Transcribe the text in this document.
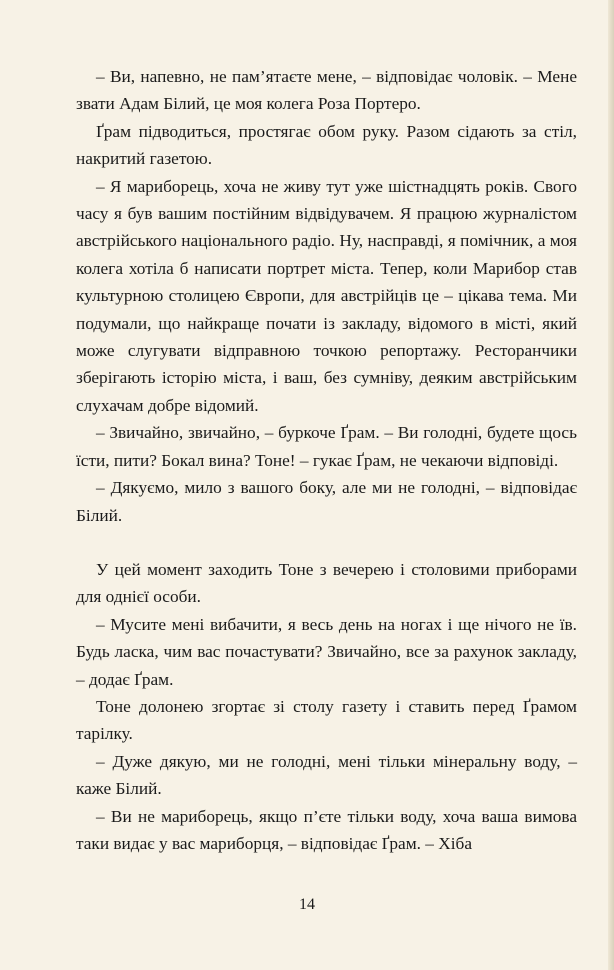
– Ви, напевно, не пам’ятаєте мене, – відповідає чоловік. – Мене звати Адам Білий, це моя колега Роза Портеро.

Ґрам підводиться, простягає обом руку. Разом сідають за стіл, накритий газетою.

– Я мариборець, хоча не живу тут уже шістнадцять років. Свого часу я був вашим постійним відвідувачем. Я працюю журналістом австрійського національного радіо. Ну, насправді, я помічник, а моя колега хотіла б написати портрет міста. Тепер, коли Марибор став культурною столицею Європи, для австрійців це – цікава тема. Ми подумали, що найкраще почати із закладу, відомого в місті, який може слугувати відправною точкою репортажу. Ресторанчики зберігають історію міста, і ваш, без сумніву, деяким австрійським слухачам добре відомий.

– Звичайно, звичайно, – буркоче Ґрам. – Ви голодні, будете щось їсти, пити? Бокал вина? Тоне! – гукає Ґрам, не чекаючи відповіді.

– Дякуємо, мило з вашого боку, але ми не голодні, – відповідає Білий.

У цей момент заходить Тоне з вечерею і столовими приборами для однієї особи.

– Мусите мені вибачити, я весь день на ногах і ще нічого не їв. Будь ласка, чим вас почастувати? Звичайно, все за рахунок закладу, – додає Ґрам.

Тоне долонею згортає зі столу газету і ставить перед Ґрамом тарілку.

– Дуже дякую, ми не голодні, мені тільки мінеральну воду, – каже Білий.

– Ви не мариборець, якщо п’єте тільки воду, хоча ваша вимова таки видає у вас мариборця, – відповідає Ґрам. – Хіба

14
